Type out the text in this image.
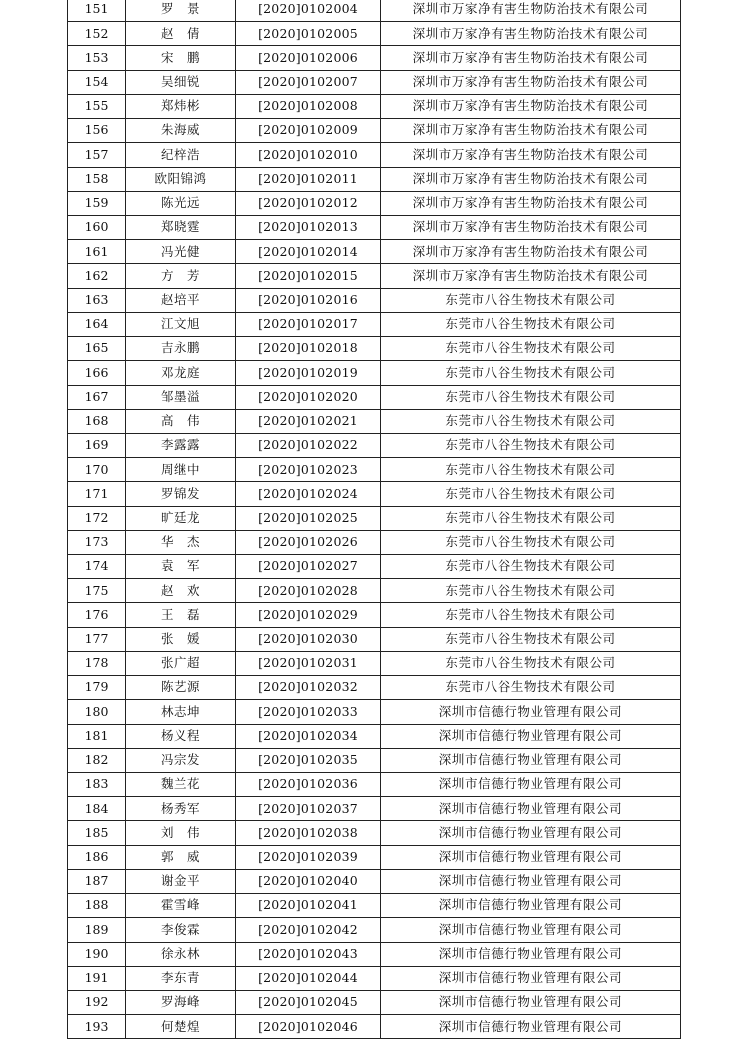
151	罗　景	[2020]0102004	深圳市万家净有害生物防治技术有限公司
152	赵　倩	[2020]0102005	深圳市万家净有害生物防治技术有限公司
153	宋　鹏	[2020]0102006	深圳市万家净有害生物防治技术有限公司
154	吴细锐	[2020]0102007	深圳市万家净有害生物防治技术有限公司
155	郑炜彬	[2020]0102008	深圳市万家净有害生物防治技术有限公司
156	朱海威	[2020]0102009	深圳市万家净有害生物防治技术有限公司
157	纪梓浩	[2020]0102010	深圳市万家净有害生物防治技术有限公司
158	欧阳锦鸿	[2020]0102011	深圳市万家净有害生物防治技术有限公司
159	陈光远	[2020]0102012	深圳市万家净有害生物防治技术有限公司
160	郑晓霆	[2020]0102013	深圳市万家净有害生物防治技术有限公司
161	冯光健	[2020]0102014	深圳市万家净有害生物防治技术有限公司
162	方　芳	[2020]0102015	深圳市万家净有害生物防治技术有限公司
163	赵培平	[2020]0102016	东莞市八谷生物技术有限公司
164	江文旭	[2020]0102017	东莞市八谷生物技术有限公司
165	吉永鹏	[2020]0102018	东莞市八谷生物技术有限公司
166	邓龙庭	[2020]0102019	东莞市八谷生物技术有限公司
167	邹墨溢	[2020]0102020	东莞市八谷生物技术有限公司
168	高　伟	[2020]0102021	东莞市八谷生物技术有限公司
169	李露露	[2020]0102022	东莞市八谷生物技术有限公司
170	周继中	[2020]0102023	东莞市八谷生物技术有限公司
171	罗锦发	[2020]0102024	东莞市八谷生物技术有限公司
172	旷廷龙	[2020]0102025	东莞市八谷生物技术有限公司
173	华　杰	[2020]0102026	东莞市八谷生物技术有限公司
174	袁　军	[2020]0102027	东莞市八谷生物技术有限公司
175	赵　欢	[2020]0102028	东莞市八谷生物技术有限公司
176	王　磊	[2020]0102029	东莞市八谷生物技术有限公司
177	张　媛	[2020]0102030	东莞市八谷生物技术有限公司
178	张广超	[2020]0102031	东莞市八谷生物技术有限公司
179	陈艺源	[2020]0102032	东莞市八谷生物技术有限公司
180	林志坤	[2020]0102033	深圳市信德行物业管理有限公司
181	杨义程	[2020]0102034	深圳市信德行物业管理有限公司
182	冯宗发	[2020]0102035	深圳市信德行物业管理有限公司
183	魏兰花	[2020]0102036	深圳市信德行物业管理有限公司
184	杨秀军	[2020]0102037	深圳市信德行物业管理有限公司
185	刘　伟	[2020]0102038	深圳市信德行物业管理有限公司
186	郭　威	[2020]0102039	深圳市信德行物业管理有限公司
187	谢金平	[2020]0102040	深圳市信德行物业管理有限公司
188	霍雪峰	[2020]0102041	深圳市信德行物业管理有限公司
189	李俊霖	[2020]0102042	深圳市信德行物业管理有限公司
190	徐永林	[2020]0102043	深圳市信德行物业管理有限公司
191	李东青	[2020]0102044	深圳市信德行物业管理有限公司
192	罗海峰	[2020]0102045	深圳市信德行物业管理有限公司
193	何楚煌	[2020]0102046	深圳市信德行物业管理有限公司
